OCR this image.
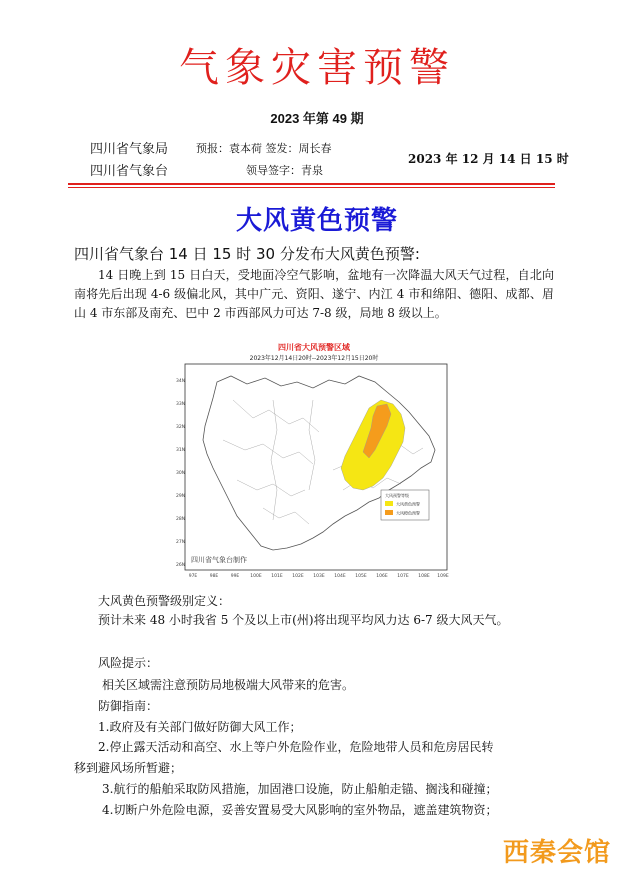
气象灾害预警
2023 年第 49 期
四川省气象局
四川省气象台
预报：袁本荷 签发：周长春
领导签字：青泉
2023 年 12 月 14 日 15 时
大风黄色预警
四川省气象台 14 日 15 时 30 分发布大风黄色预警:
14 日晚上到 15 日白天，受地面冷空气影响，盆地有一次降温大风天气过程，自北向南将先后出现 4-6 级偏北风，其中广元、资阳、遂宁、内江 4 市和绵阳、德阳、成都、眉山 4 市东部及南充、巴中 2 市西部风力可达 7-8 级，局地 8 级以上。
四川省大风预警区域
2023年12月14日20时--2023年12月15日20时
34N
33N
32N
31N
30N
29N
28N
27N
26N
97E	98E	99E 100E 101E 102E 103E 104E 105E 106E 107E 108E 109E
大风预警等级
大风黄色预警
大风橙色预警
四川省气象台制作
大风黄色预警级别定义：
预计未来 48 小时我省 5 个及以上市(州)将出现平均风力达 6-7 级大风天气。
风险提示：
相关区域需注意预防局地极端大风带来的危害。
防御指南：
1.政府及有关部门做好防御大风工作；
2.停止露天活动和高空、水上等户外危险作业，危险地带人员和危房居民转
移到避风场所暂避；
3.航行的船舶采取防风措施，加固港口设施，防止船舶走锚、搁浅和碰撞；
4.切断户外危险电源，妥善安置易受大风影响的室外物品，遮盖建筑物资；
西秦会馆
